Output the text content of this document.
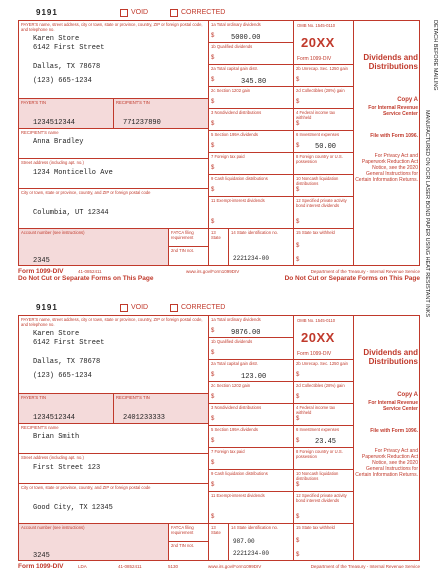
9191	VOID	CORRECTED
PAYER'S name, street address, city or town, state or province, country, ZIP or foreign postal code, and telephone no.
Karen Store
6142 First Street
Dallas, TX 78678
(123) 665-1234
PAYER'S TIN	RECIPIENT'S TIN
1234512344	771237890
RECIPIENT'S name
Anna Bradley
Street address (including apt. no.)
1234 Monticello Ave
City or town, state or province, country, and ZIP or foreign postal code
Columbia, UT 12344
Account number (see instructions)
2345
FATCA filing requirement
2nd TIN not.
1a Total ordinary dividends
$ 5000.00
1b Qualified dividends
$
2a Total capital gain distr.
$	345.80
2c Section 1202 gain
$
3 Nondividend distributions
$
5 Section 199A dividends
$
7 Foreign tax paid
$
9 Cash liquidation distributions
$
11 Exempt-interest dividends
$
OMB No. 1545-0110
20XX
Form 1099-DIV
2b Unrecap. Sec. 1250 gain
$
2d Collectibles (28%) gain
$
4 Federal income tax withheld
$
6 Investment expenses
$ 50.00
8 Foreign country or U.S. possession
10 Noncash liquidation distributions
$
12 Specified private activity bond interest dividends
$
13 State
14 State identification no.
2221234-00
15 State tax withheld
$
$
Dividends and Distributions
Copy A
For Internal Revenue Service Center
File with Form 1096.
For Privacy Act and Paperwork Reduction Act Notice, see the 2020 General Instructions for Certain Information Returns.
Form 1099-DIV	41-0852411	www.irs.gov/Form1099DIV	Department of the Treasury - Internal Revenue Service
Do Not Cut or Separate Forms on This Page	Do Not Cut or Separate Forms on This Page
9191	VOID	CORRECTED
PAYER'S name, street address, city or town, state or province, country, ZIP or foreign postal code, and telephone no.
Karen Store
6142 First Street
Dallas, TX 78678
(123) 665-1234
PAYER'S TIN	RECIPIENT'S TIN
1234512344	2401233333
RECIPIENT'S name
Brian Smith
Street address (including apt. no.)
First Street 123
City or town, state or province, country, and ZIP or foreign postal code
Good City, TX 12345
Account number (see instructions)
3245
FATCA filing requirement
2nd TIN not.
1a Total ordinary dividends
$ 9876.00
1b Qualified dividends
$
2a Total capital gain distr.
$	123.00
2c Section 1202 gain
$
3 Nondividend distributions
$
5 Section 199A dividends
$
7 Foreign tax paid
$
9 Cash liquidation distributions
$
11 Exempt-interest dividends
$
OMB No. 1545-0110
20XX
Form 1099-DIV
2b Unrecap. Sec. 1250 gain
$
2d Collectibles (28%) gain
$
4 Federal income tax withheld
$
6 Investment expenses
$ 23.45
8 Foreign country or U.S. possession
10 Noncash liquidation distributions
$
12 Specified private activity bond interest dividends
$
13 State
14 State identification no.
987.00
2221234-00
15 State tax withheld
$
$
Dividends and Distributions
Copy A
For Internal Revenue Service Center
File with Form 1096.
For Privacy Act and Paperwork Reduction Act Notice, see the 2020 General Instructions for Certain Information Returns.
Form 1099-DIV	LDA	41-0852411	5130	www.irs.gov/Form1099DIV	Department of the Treasury - Internal Revenue Service
DETACH BEFORE MAILING
MANUFACTURED ON OCR LASER BOND PAPER USING HEAT RESISTANT INKS
